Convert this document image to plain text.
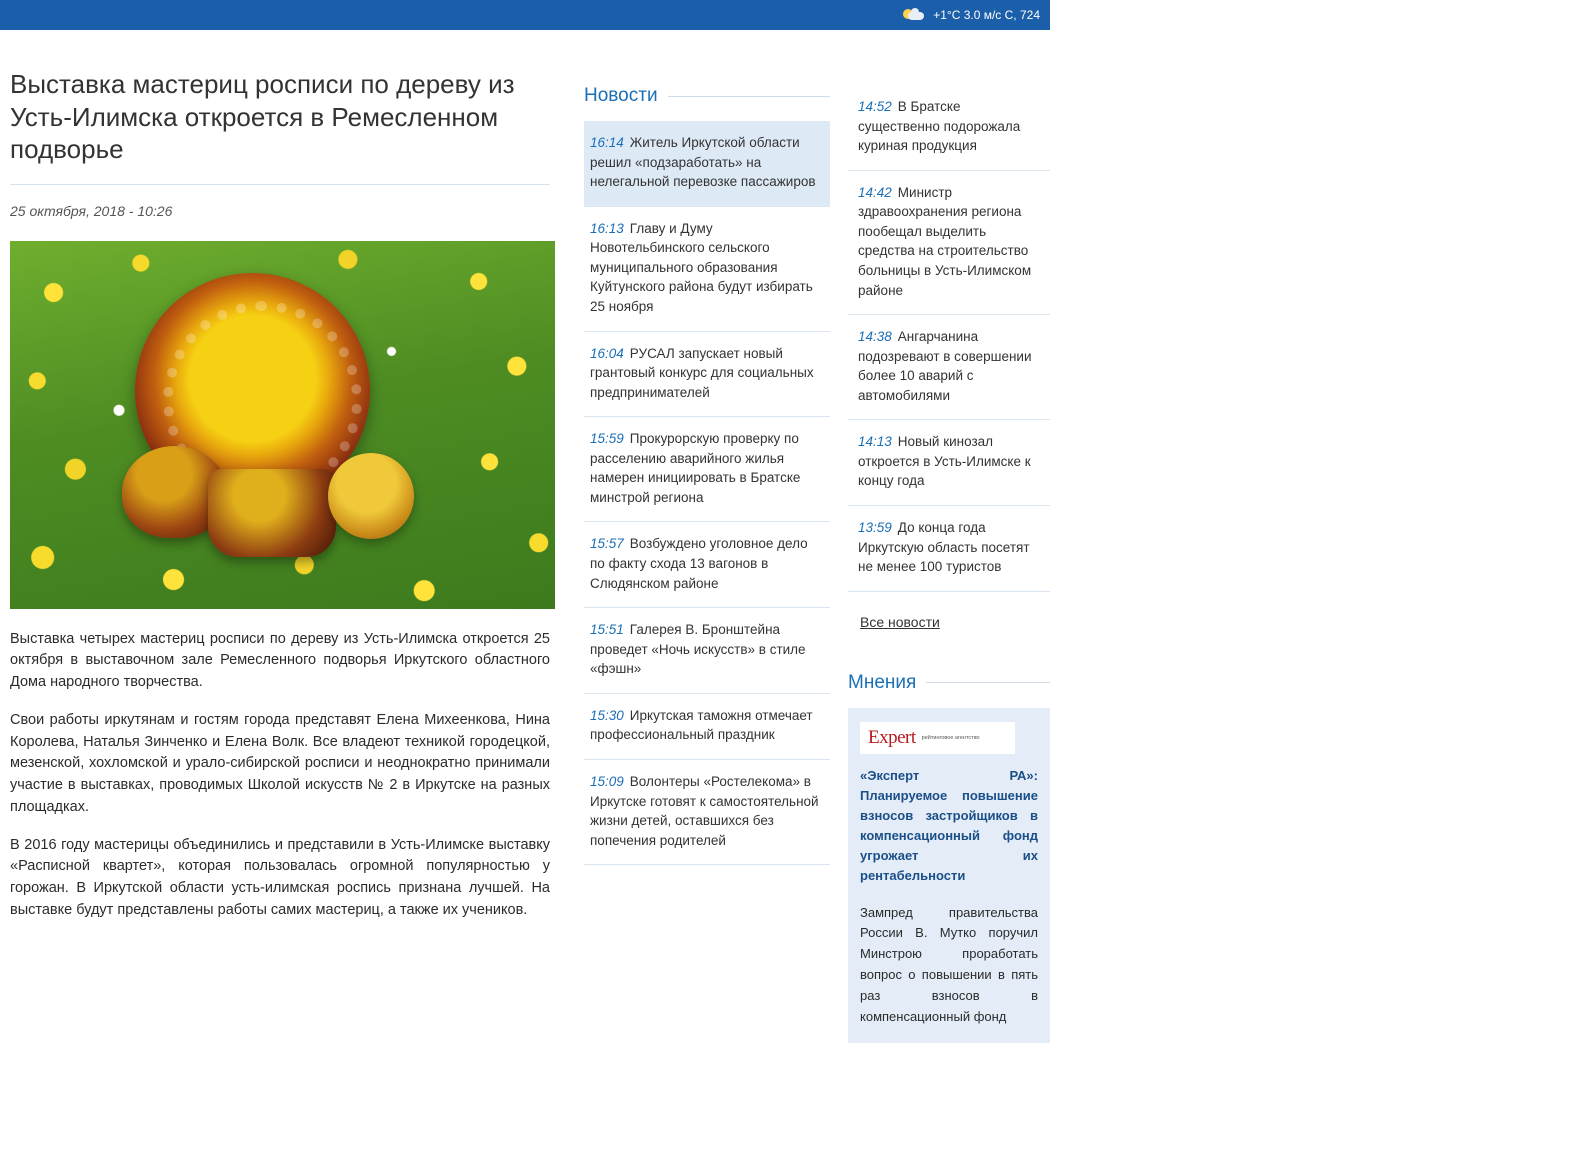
+1°C 3.0 м/с С, 724
Выставка мастериц росписи по дереву из Усть-Илимска откроется в Ремесленном подворье
25 октября, 2018 - 10:26

Выставка четырех мастериц росписи по дереву из Усть-Илимска откроется 25 октября в выставочном зале Ремесленного подворья Иркутского областного Дома народного творчества.

Свои работы иркутянам и гостям города представят Елена Михеенкова, Нина Королева, Наталья Зинченко и Елена Волк. Все владеют техникой городецкой, мезенской, хохломской и урало-сибирской росписи и неоднократно принимали участие в выставках, проводимых Школой искусств № 2 в Иркутске на разных площадках.

В 2016 году мастерицы объединились и представили в Усть-Илимске выставку «Расписной квартет», которая пользовалась огромной популярностью у горожан. В Иркутской области усть-илимская роспись признана лучшей. На выставке будут представлены работы самих мастериц, а также их учеников.

Новости
16:14 Житель Иркутской области решил «подзаработать» на нелегальной перевозке пассажиров
16:13 Главу и Думу Новотельбинского сельского муниципального образования Куйтунского района будут избирать 25 ноября
16:04 РУСАЛ запускает новый грантовый конкурс для социальных предпринимателей
15:59 Прокурорскую проверку по расселению аварийного жилья намерен инициировать в Братске минстрой региона
15:57 Возбуждено уголовное дело по факту схода 13 вагонов в Слюдянском районе
15:51 Галерея В. Бронштейна проведет «Ночь искусств» в стиле «фэшн»
15:30 Иркутская таможня отмечает профессиональный праздник
15:09 Волонтеры «Ростелекома» в Иркутске готовят к самостоятельной жизни детей, оставшихся без попечения родителей
14:52 В Братске существенно подорожала куриная продукция
14:42 Министр здравоохранения региона пообещал выделить средства на строительство больницы в Усть-Илимском районе
14:38 Ангарчанина подозревают в совершении более 10 аварий с автомобилями
14:13 Новый кинозал откроется в Усть-Илимске к концу года
13:59 До конца года Иркутскую область посетят не менее 100 туристов
Все новости
Мнения
Expert рейтинговое агентство

«Эксперт РА»: Планируемое повышение взносов застройщиков в компенсационный фонд угрожает их рентабельности

Зампред правительства России В. Мутко поручил Минстрою проработать вопрос о повышении в пять раз взносов в компенсационный фонд
